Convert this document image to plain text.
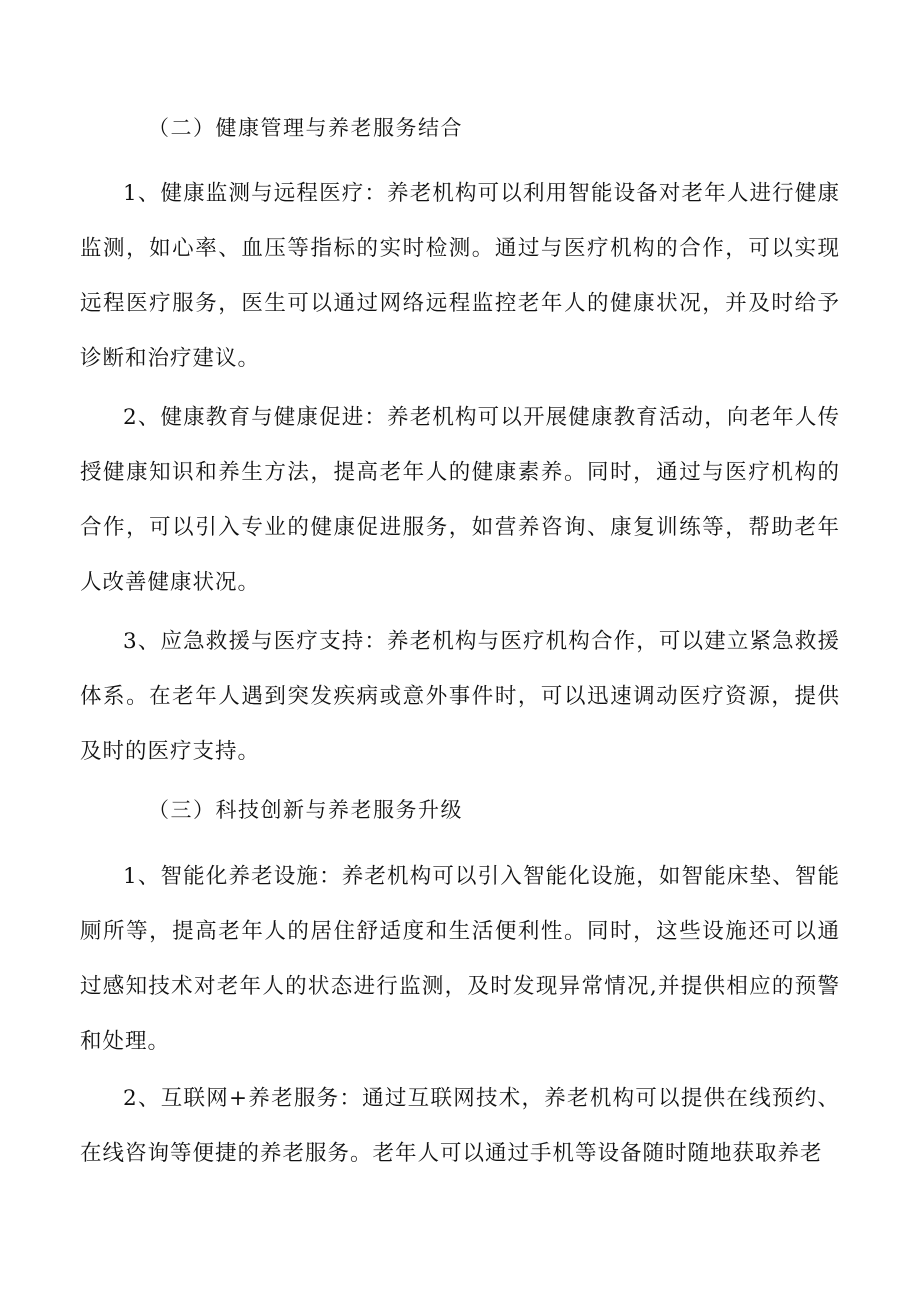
（二）健康管理与养老服务结合

1、健康监测与远程医疗：养老机构可以利用智能设备对老年人进行健康监测，如心率、血压等指标的实时检测。通过与医疗机构的合作，可以实现远程医疗服务，医生可以通过网络远程监控老年人的健康状况，并及时给予诊断和治疗建议。

2、健康教育与健康促进：养老机构可以开展健康教育活动，向老年人传授健康知识和养生方法，提高老年人的健康素养。同时，通过与医疗机构的合作，可以引入专业的健康促进服务，如营养咨询、康复训练等，帮助老年人改善健康状况。

3、应急救援与医疗支持：养老机构与医疗机构合作，可以建立紧急救援体系。在老年人遇到突发疾病或意外事件时，可以迅速调动医疗资源，提供及时的医疗支持。

（三）科技创新与养老服务升级

1、智能化养老设施：养老机构可以引入智能化设施，如智能床垫、智能厕所等，提高老年人的居住舒适度和生活便利性。同时，这些设施还可以通过感知技术对老年人的状态进行监测，及时发现异常情况,并提供相应的预警和处理。

2、互联网+养老服务：通过互联网技术，养老机构可以提供在线预约、在线咨询等便捷的养老服务。老年人可以通过手机等设备随时随地获取养老
